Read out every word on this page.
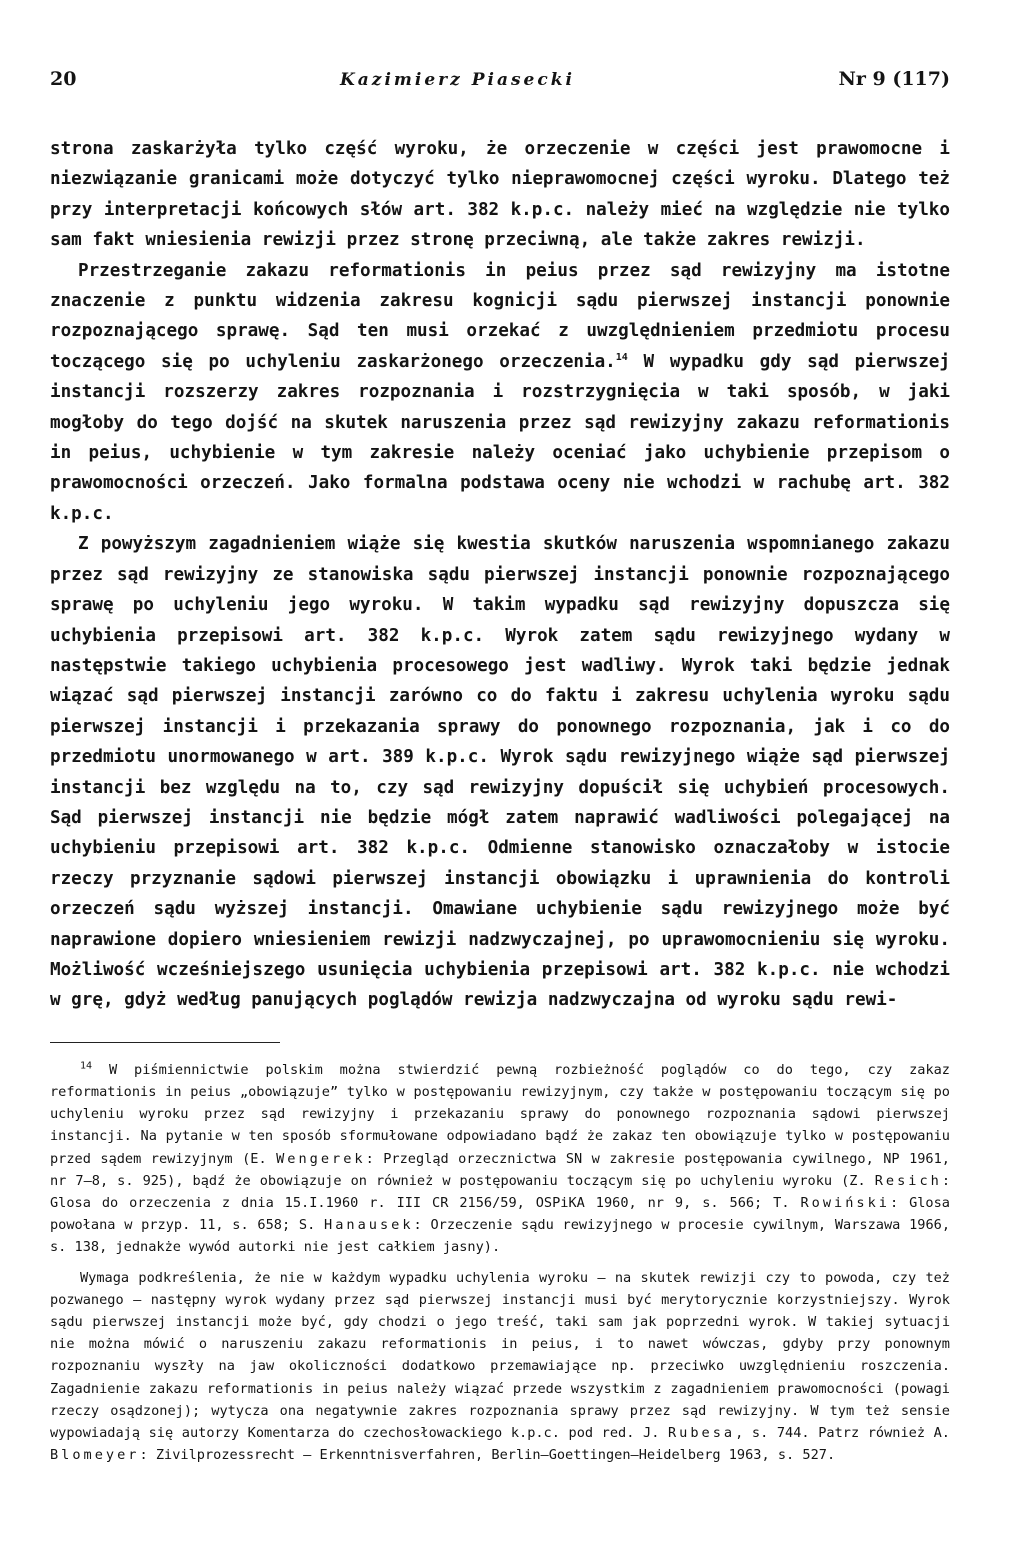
20	Kazimierz Piasecki	Nr 9 (117)

strona zaskarżyła tylko część wyroku, że orzeczenie w części jest prawomocne i niezwiązanie granicami może dotyczyć tylko nieprawomocnej części wyroku. Dlatego też przy interpretacji końcowych słów art. 382 k.p.c. należy mieć na względzie nie tylko sam fakt wniesienia rewizji przez stronę przeciwną, ale także zakres rewizji.

Przestrzeganie zakazu reformationis in peius przez sąd rewizyjny ma istotne znaczenie z punktu widzenia zakresu kognicji sądu pierwszej instancji ponownie rozpoznającego sprawę. Sąd ten musi orzekać z uwzględnieniem przedmiotu procesu toczącego się po uchyleniu zaskarżonego orzeczenia.$^{14}$ W wypadku gdy sąd pierwszej instancji rozszerzy zakres rozpoznania i rozstrzygnięcia w taki sposób, w jaki mogłoby do tego dojść na skutek naruszenia przez sąd rewizyjny zakazu reformationis in peius, uchybienie w tym zakresie należy oceniać jako uchybienie przepisom o prawomocności orzeczeń. Jako formalna podstawa oceny nie wchodzi w rachubę art. 382 k.p.c.

Z powyższym zagadnieniem wiąże się kwestia skutków naruszenia wspomnianego zakazu przez sąd rewizyjny ze stanowiska sądu pierwszej instancji ponownie rozpoznającego sprawę po uchyleniu jego wyroku. W takim wypadku sąd rewizyjny dopuszcza się uchybienia przepisowi art. 382 k.p.c. Wyrok zatem sądu rewizyjnego wydany w następstwie takiego uchybienia procesowego jest wadliwy. Wyrok taki będzie jednak wiązać sąd pierwszej instancji zarówno co do faktu i zakresu uchylenia wyroku sądu pierwszej instancji i przekazania sprawy do ponownego rozpoznania, jak i co do przedmiotu unormowanego w art. 389 k.p.c. Wyrok sądu rewizyjnego wiąże sąd pierwszej instancji bez względu na to, czy sąd rewizyjny dopuścił się uchybień procesowych. Sąd pierwszej instancji nie będzie mógł zatem naprawić wadliwości polegającej na uchybieniu przepisowi art. 382 k.p.c. Odmienne stanowisko oznaczałoby w istocie rzeczy przyznanie sądowi pierwszej instancji obowiązku i uprawnienia do kontroli orzeczeń sądu wyższej instancji. Omawiane uchybienie sądu rewizyjnego może być naprawione dopiero wniesieniem rewizji nadzwyczajnej, po uprawomocnieniu się wyroku. Możliwość wcześniejszego usunięcia uchybienia przepisowi art. 382 k.p.c. nie wchodzi w grę, gdyż według panujących poglądów rewizja nadzwyczajna od wyroku sądu rewi-

$^{14}$ W piśmiennictwie polskim można stwierdzić pewną rozbieżność poglądów co do tego, czy zakaz reformationis in peius „obowiązuje” tylko w postępowaniu rewizyjnym, czy także w postępowaniu toczącym się po uchyleniu wyroku przez sąd rewizyjny i przekazaniu sprawy do ponownego rozpoznania sądowi pierwszej instancji. Na pytanie w ten sposób sformułowane odpowiadano bądź że zakaz ten obowiązuje tylko w postępowaniu przed sądem rewizyjnym (E. Wengerek: Przegląd orzecznictwa SN w zakresie postępowania cywilnego, NP 1961, nr 7—8, s. 925), bądź że obowiązuje on również w postępowaniu toczącym się po uchyleniu wyroku (Z. Resich: Glosa do orzeczenia z dnia 15.I.1960 r. III CR 2156/59, OSPiKA 1960, nr 9, s. 566; T. Rowiński: Glosa powołana w przyp. 11, s. 658; S. Hanausek: Orzeczenie sądu rewizyjnego w procesie cywilnym, Warszawa 1966, s. 138, jednakże wywód autorki nie jest całkiem jasny).

Wymaga podkreślenia, że nie w każdym wypadku uchylenia wyroku — na skutek rewizji czy to powoda, czy też pozwanego — następny wyrok wydany przez sąd pierwszej instancji musi być merytorycznie korzystniejszy. Wyrok sądu pierwszej instancji może być, gdy chodzi o jego treść, taki sam jak poprzedni wyrok. W takiej sytuacji nie można mówić o naruszeniu zakazu reformationis in peius, i to nawet wówczas, gdyby przy ponownym rozpoznaniu wyszły na jaw okoliczności dodatkowo przemawiające np. przeciwko uwzględnieniu roszczenia. Zagadnienie zakazu reformationis in peius należy wiązać przede wszystkim z zagadnieniem prawomocności (powagi rzeczy osądzonej); wytycza ona negatywnie zakres rozpoznania sprawy przez sąd rewizyjny. W tym też sensie wypowiadają się autorzy Komentarza do czechosłowackiego k.p.c. pod red. J. Rubesa, s. 744. Patrz również A. Blomeyer: Zivilprozessrecht — Erkenntnisverfahren, Berlin—Goettingen—Heidelberg 1963, s. 527.
